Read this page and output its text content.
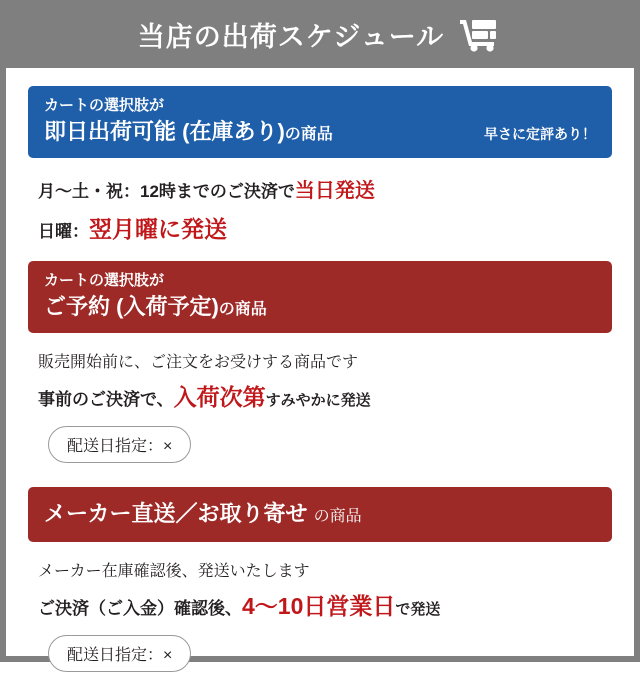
当店の出荷スケジュール
カートの選択肢が
即日出荷可能 (在庫あり)の商品	早さに定評あり！
月〜土・祝：12時までのご決済で当日発送
日曜：翌月曜に発送
カートの選択肢が
ご予約 (入荷予定)の商品
販売開始前に、ご注文をお受けする商品です
事前のご決済で、入荷次第すみやかに発送
配送日指定：×
メーカー直送／お取り寄せ の商品
メーカー在庫確認後、発送いたします
ご決済（ご入金）確認後、4〜10日営業日で発送
配送日指定：×
